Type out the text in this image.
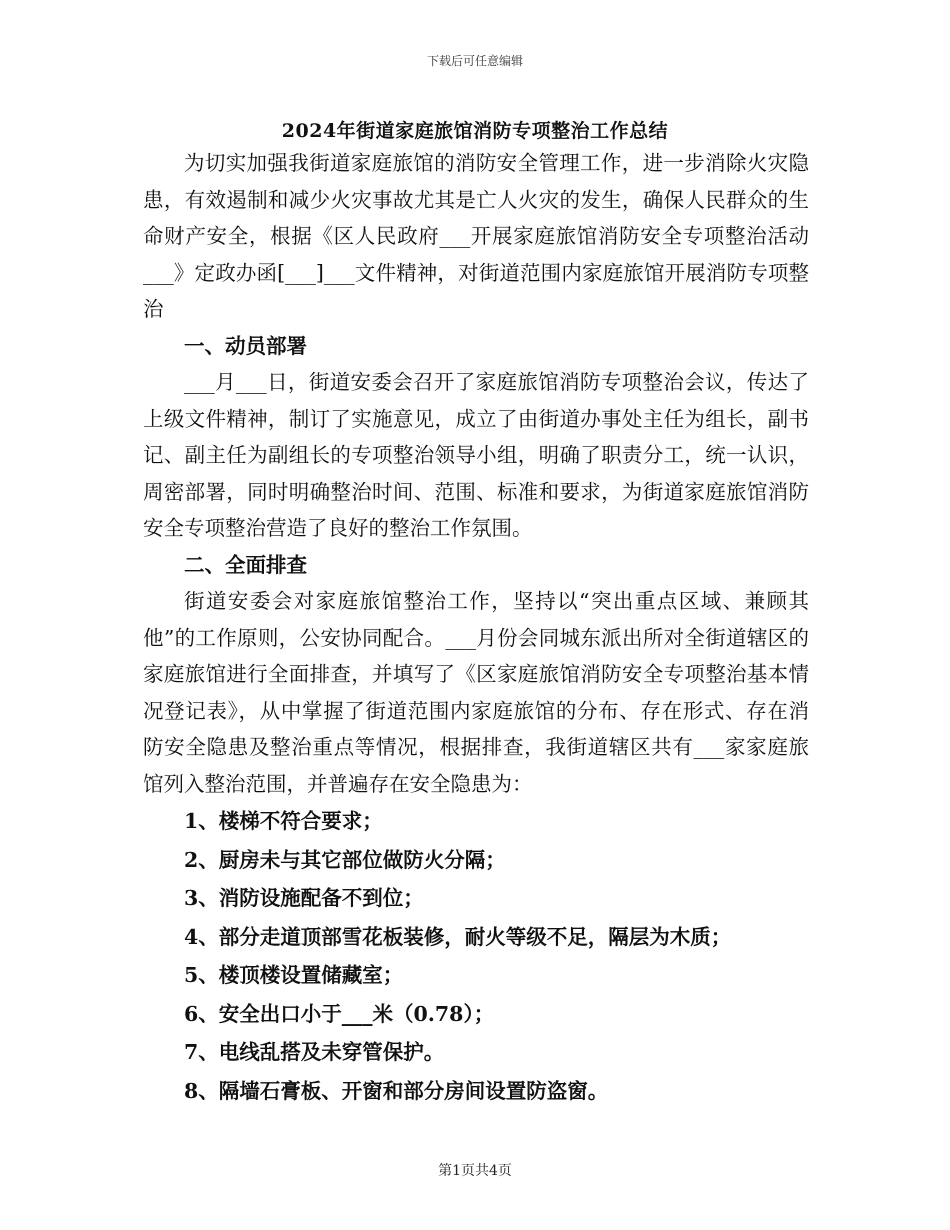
下载后可任意编辑
2024年街道家庭旅馆消防专项整治工作总结

为切实加强我街道家庭旅馆的消防安全管理工作，进一步消除火灾隐患，有效遏制和减少火灾事故尤其是亡人火灾的发生，确保人民群众的生命财产安全，根据《区人民政府___开展家庭旅馆消防安全专项整治活动___》定政办函[___]___文件精神，对街道范围内家庭旅馆开展消防专项整治

一、动员部署

___月___日，街道安委会召开了家庭旅馆消防专项整治会议，传达了上级文件精神，制订了实施意见，成立了由街道办事处主任为组长，副书记、副主任为副组长的专项整治领导小组，明确了职责分工，统一认识，周密部署，同时明确整治时间、范围、标准和要求，为街道家庭旅馆消防安全专项整治营造了良好的整治工作氛围。

二、全面排查

街道安委会对家庭旅馆整治工作，坚持以“突出重点区域、兼顾其他”的工作原则，公安协同配合。___月份会同城东派出所对全街道辖区的家庭旅馆进行全面排查，并填写了《区家庭旅馆消防安全专项整治基本情况登记表》，从中掌握了街道范围内家庭旅馆的分布、存在形式、存在消防安全隐患及整治重点等情况，根据排查，我街道辖区共有___家家庭旅馆列入整治范围，并普遍存在安全隐患为：

1、楼梯不符合要求；

2、厨房未与其它部位做防火分隔；

3、消防设施配备不到位；

4、部分走道顶部雪花板装修，耐火等级不足，隔层为木质；

5、楼顶楼设置储藏室；

6、安全出口小于___米（0.78）；

7、电线乱搭及未穿管保护。

8、隔墙石膏板、开窗和部分房间设置防盗窗。

第1页共4页
